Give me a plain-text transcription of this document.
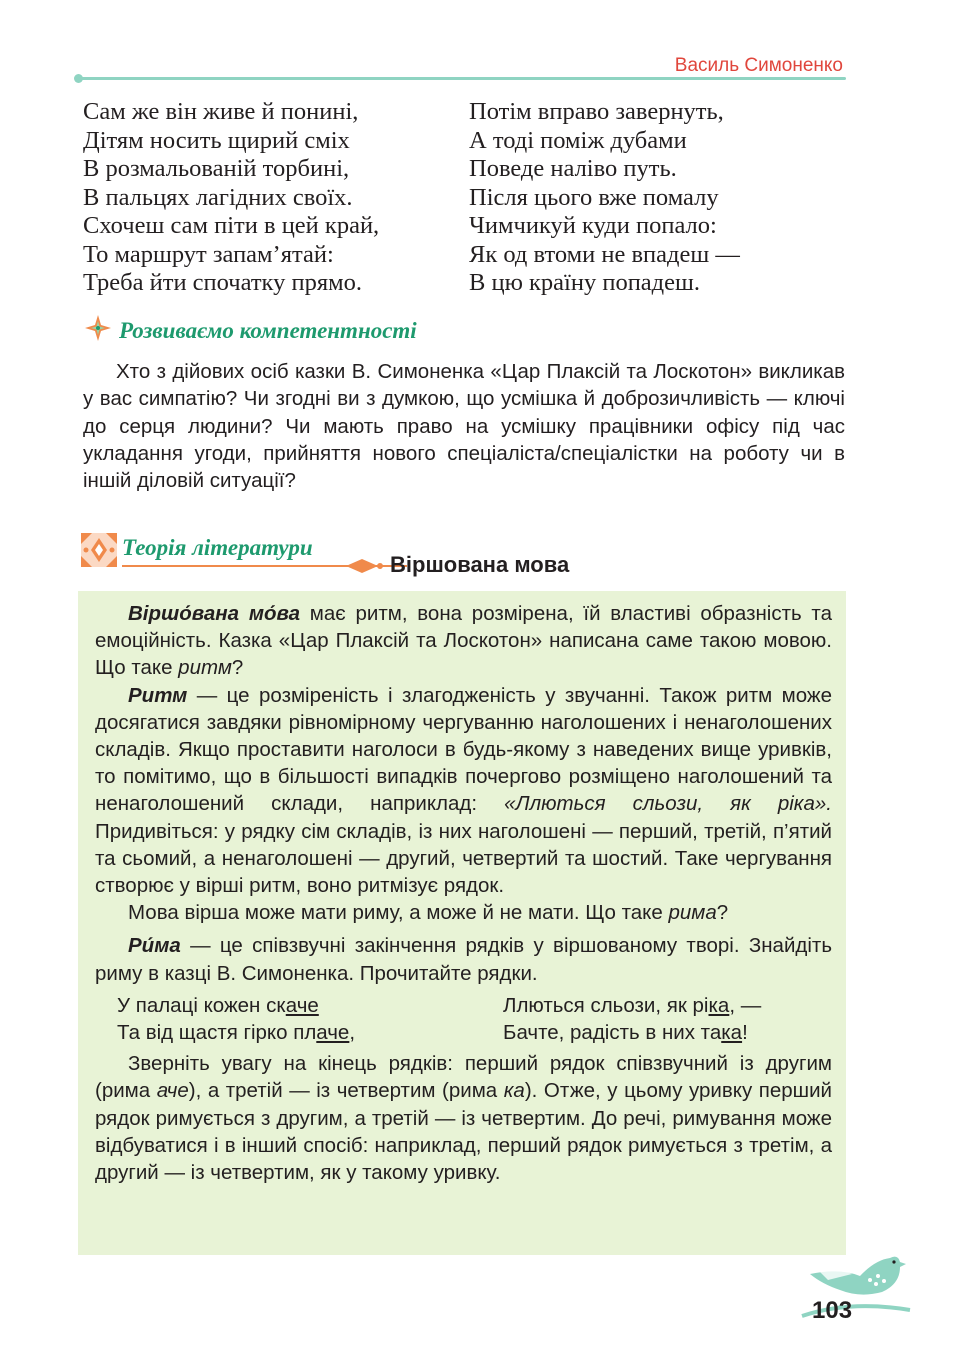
Василь Симоненко
Сам же він живе й понині,
Дітям носить щирий сміх
В розмальованій торбині,
В пальцях лагідних своїх.
Схочеш сам піти в цей край,
То маршрут запам’ятай:
Треба йти спочатку прямо.
Потім вправо завернуть,
А тоді поміж дубами
Поведе наліво путь.
Після цього вже помалу
Чимчикуй куди попало:
Як од втоми не впадеш —
В цю країну попадеш.
Розвиваємо компетентності
Хто з дійових осіб казки В. Симоненка «Цар Плаксій та Лоскотон» викликав у вас симпатію? Чи згодні ви з думкою, що усмішка й доброзичливість — ключі до серця людини? Чи мають право на усмішку працівники офісу під час укладання угоди, прийняття нового спеціаліста/спеціалістки на роботу чи в іншій діловій ситуації?
Теорія літератури
Віршована мова

Віршо́вана мо́ва має ритм, вона розмірена, їй властиві образність та емоційність. Казка «Цар Плаксій та Лоскотон» написана саме такою мовою. Що таке ритм?

Ритм — це розміреність і злагодженість у звучанні. Також ритм може досягатися завдяки рівномірному чергуванню наголошених і ненаголошених складів. Якщо проставити наголоси в будь-якому з наведених вище уривків, то помітимо, що в більшості випадків почергово розміщено наголошений та ненаголошений склади, наприклад: «Ллються сльози, як ріка». Придивіться: у рядку сім складів, із них наголошені — перший, третій, п’ятий та сьомий, а ненаголошені — другий, четвертий та шостий. Таке чергування створює у вірші ритм, воно ритмізує рядок.

Мова вірша може мати риму, а може й не мати. Що таке рима?

Ри́ма — це співзвучні закінчення рядків у віршованому творі. Знайдіть риму в казці В. Симоненка. Прочитайте рядки.

У палаці кожен скаче
Та від щастя гірко плаче,
Ллються сльози, як ріка, —
Бачте, радість в них така!

Зверніть увагу на кінець рядків: перший рядок співзвучний із другим (рима аче), а третій — із четвертим (рима ка). Отже, у цьому уривку перший рядок римується з другим, а третій — із четвертим. До речі, римування може відбуватися і в інший спосіб: наприклад, перший рядок римується з третім, а другий — із четвертим, як у такому уривку.

103
